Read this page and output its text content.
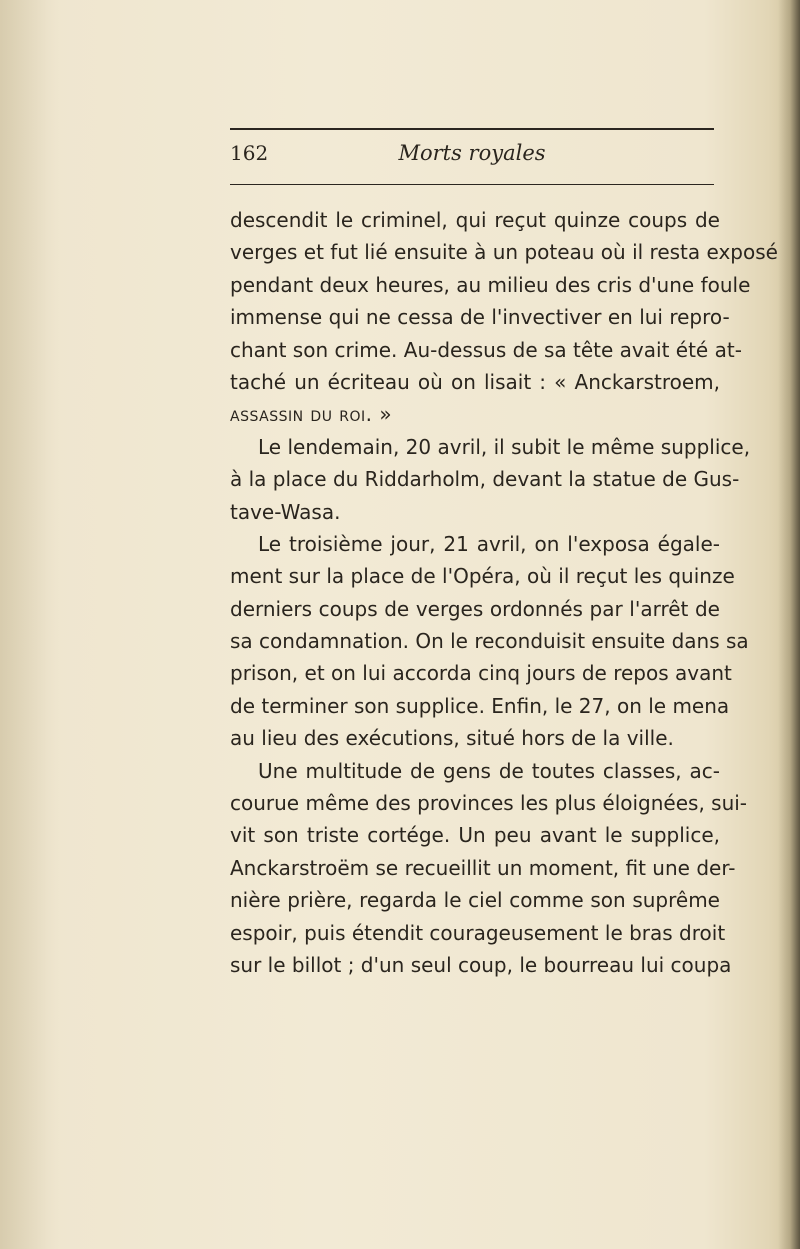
162	Morts royales
descendit le criminel, qui reçut quinze coups de
verges et fut lié ensuite à un poteau où il resta exposé
pendant deux heures, au milieu des cris d'une foule
immense qui ne cessa de l'invectiver en lui repro-
chant son crime. Au-dessus de sa tête avait été at-
taché un écriteau où on lisait : « Anckarstroem,
assassin du roi. »
Le lendemain, 20 avril, il subit le même supplice,
à la place du Riddarholm, devant la statue de Gus-
tave-Wasa.
Le troisième jour, 21 avril, on l'exposa égale-
ment sur la place de l'Opéra, où il reçut les quinze
derniers coups de verges ordonnés par l'arrêt de
sa condamnation. On le reconduisit ensuite dans sa
prison, et on lui accorda cinq jours de repos avant
de terminer son supplice. Enfin, le 27, on le mena
au lieu des exécutions, situé hors de la ville.
Une multitude de gens de toutes classes, ac-
courue même des provinces les plus éloignées, sui-
vit son triste cortége. Un peu avant le supplice,
Anckarstroëm se recueillit un moment, fit une der-
nière prière, regarda le ciel comme son suprême
espoir, puis étendit courageusement le bras droit
sur le billot ; d'un seul coup, le bourreau lui coupa
